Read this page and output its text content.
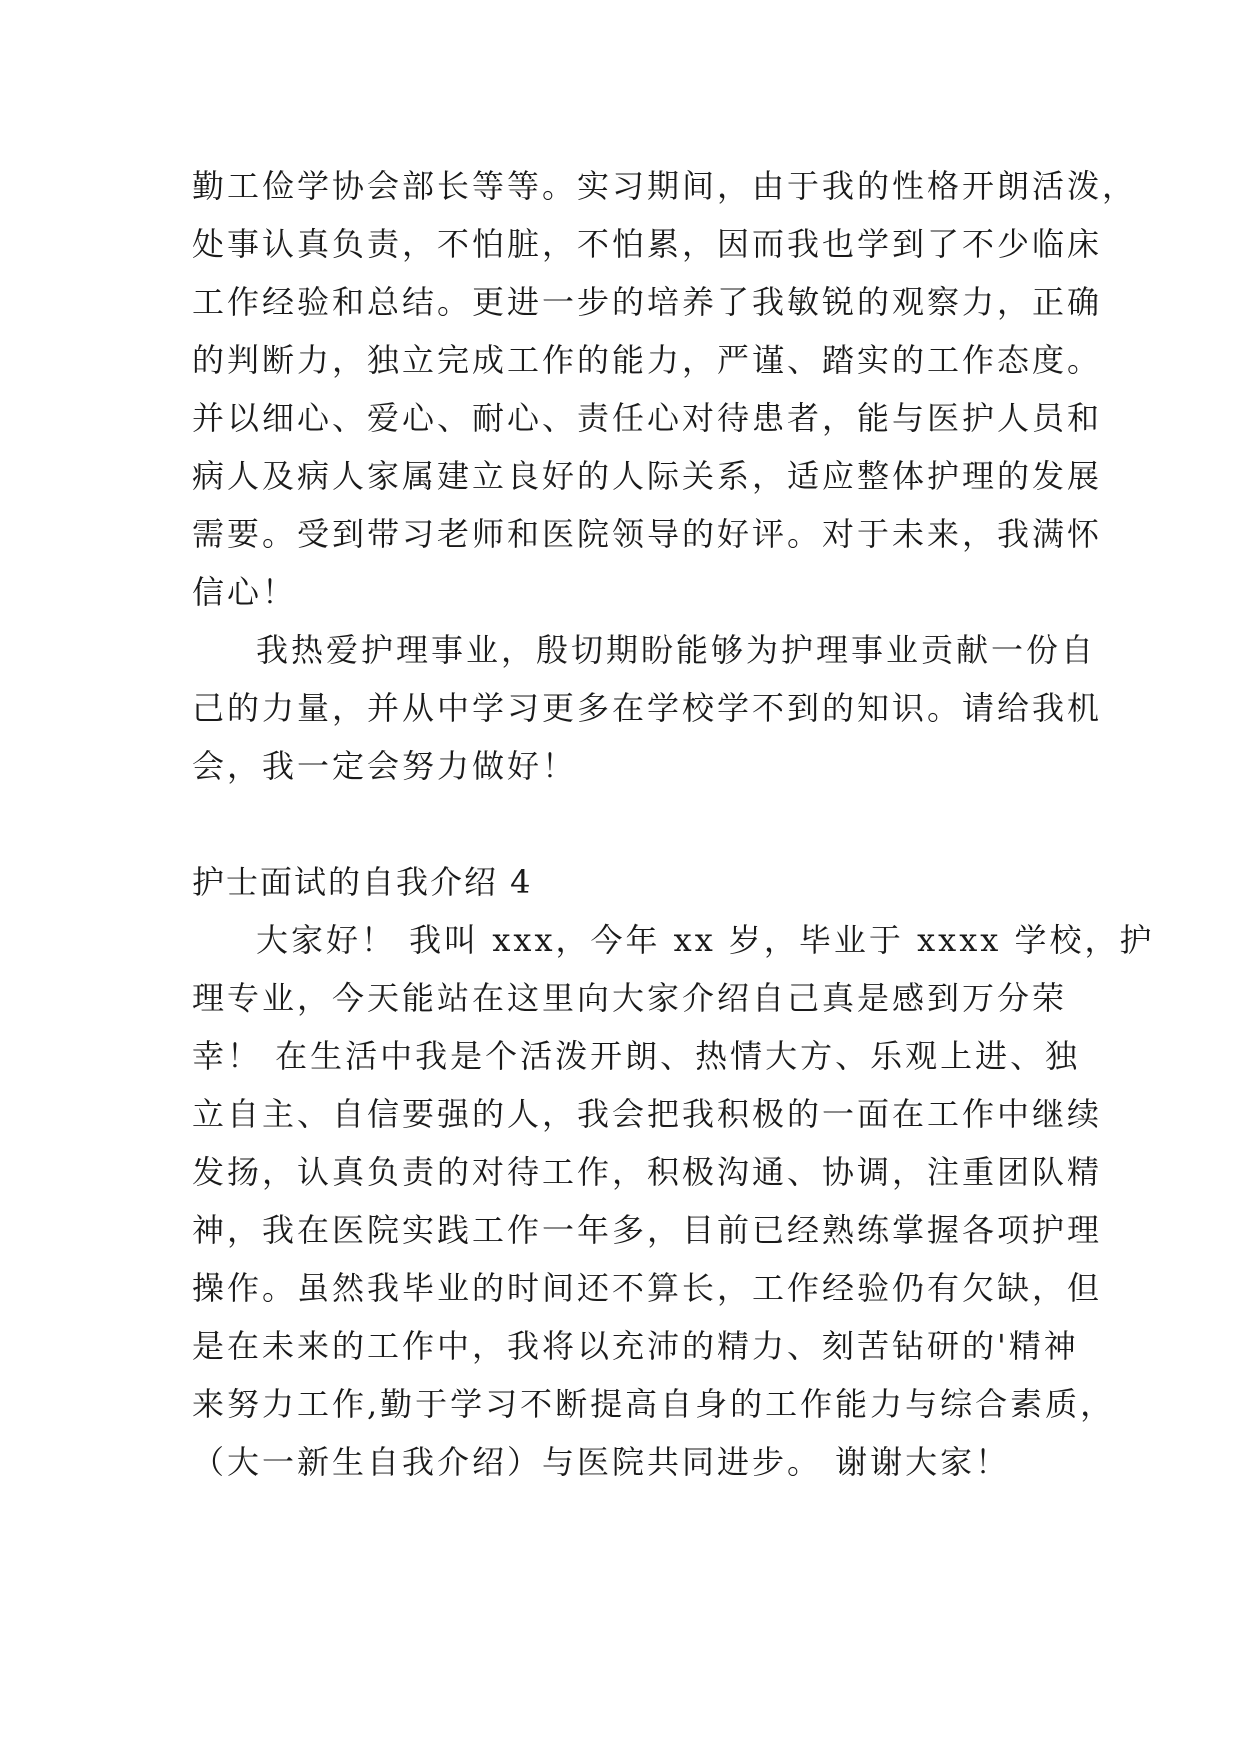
勤工俭学协会部长等等。实习期间，由于我的性格开朗活泼，
处事认真负责，不怕脏，不怕累，因而我也学到了不少临床
工作经验和总结。更进一步的培养了我敏锐的观察力，正确
的判断力，独立完成工作的能力，严谨、踏实的工作态度。
并以细心、爱心、耐心、责任心对待患者，能与医护人员和
病人及病人家属建立良好的人际关系，适应整体护理的发展
需要。受到带习老师和医院领导的好评。对于未来，我满怀
信心！
我热爱护理事业，殷切期盼能够为护理事业贡献一份自
己的力量，并从中学习更多在学校学不到的知识。请给我机
会，我一定会努力做好！
护士面试的自我介绍 4
大家好！ 我叫 xxx，今年 xx 岁，毕业于 xxxx 学校，护
理专业，今天能站在这里向大家介绍自己真是感到万分荣
幸！ 在生活中我是个活泼开朗、热情大方、乐观上进、独
立自主、自信要强的人，我会把我积极的一面在工作中继续
发扬，认真负责的对待工作，积极沟通、协调，注重团队精
神，我在医院实践工作一年多，目前已经熟练掌握各项护理
操作。虽然我毕业的时间还不算长，工作经验仍有欠缺，但
是在未来的工作中，我将以充沛的精力、刻苦钻研的'精神
来努力工作,勤于学习不断提高自身的工作能力与综合素质，
（大一新生自我介绍）与医院共同进步。 谢谢大家！
